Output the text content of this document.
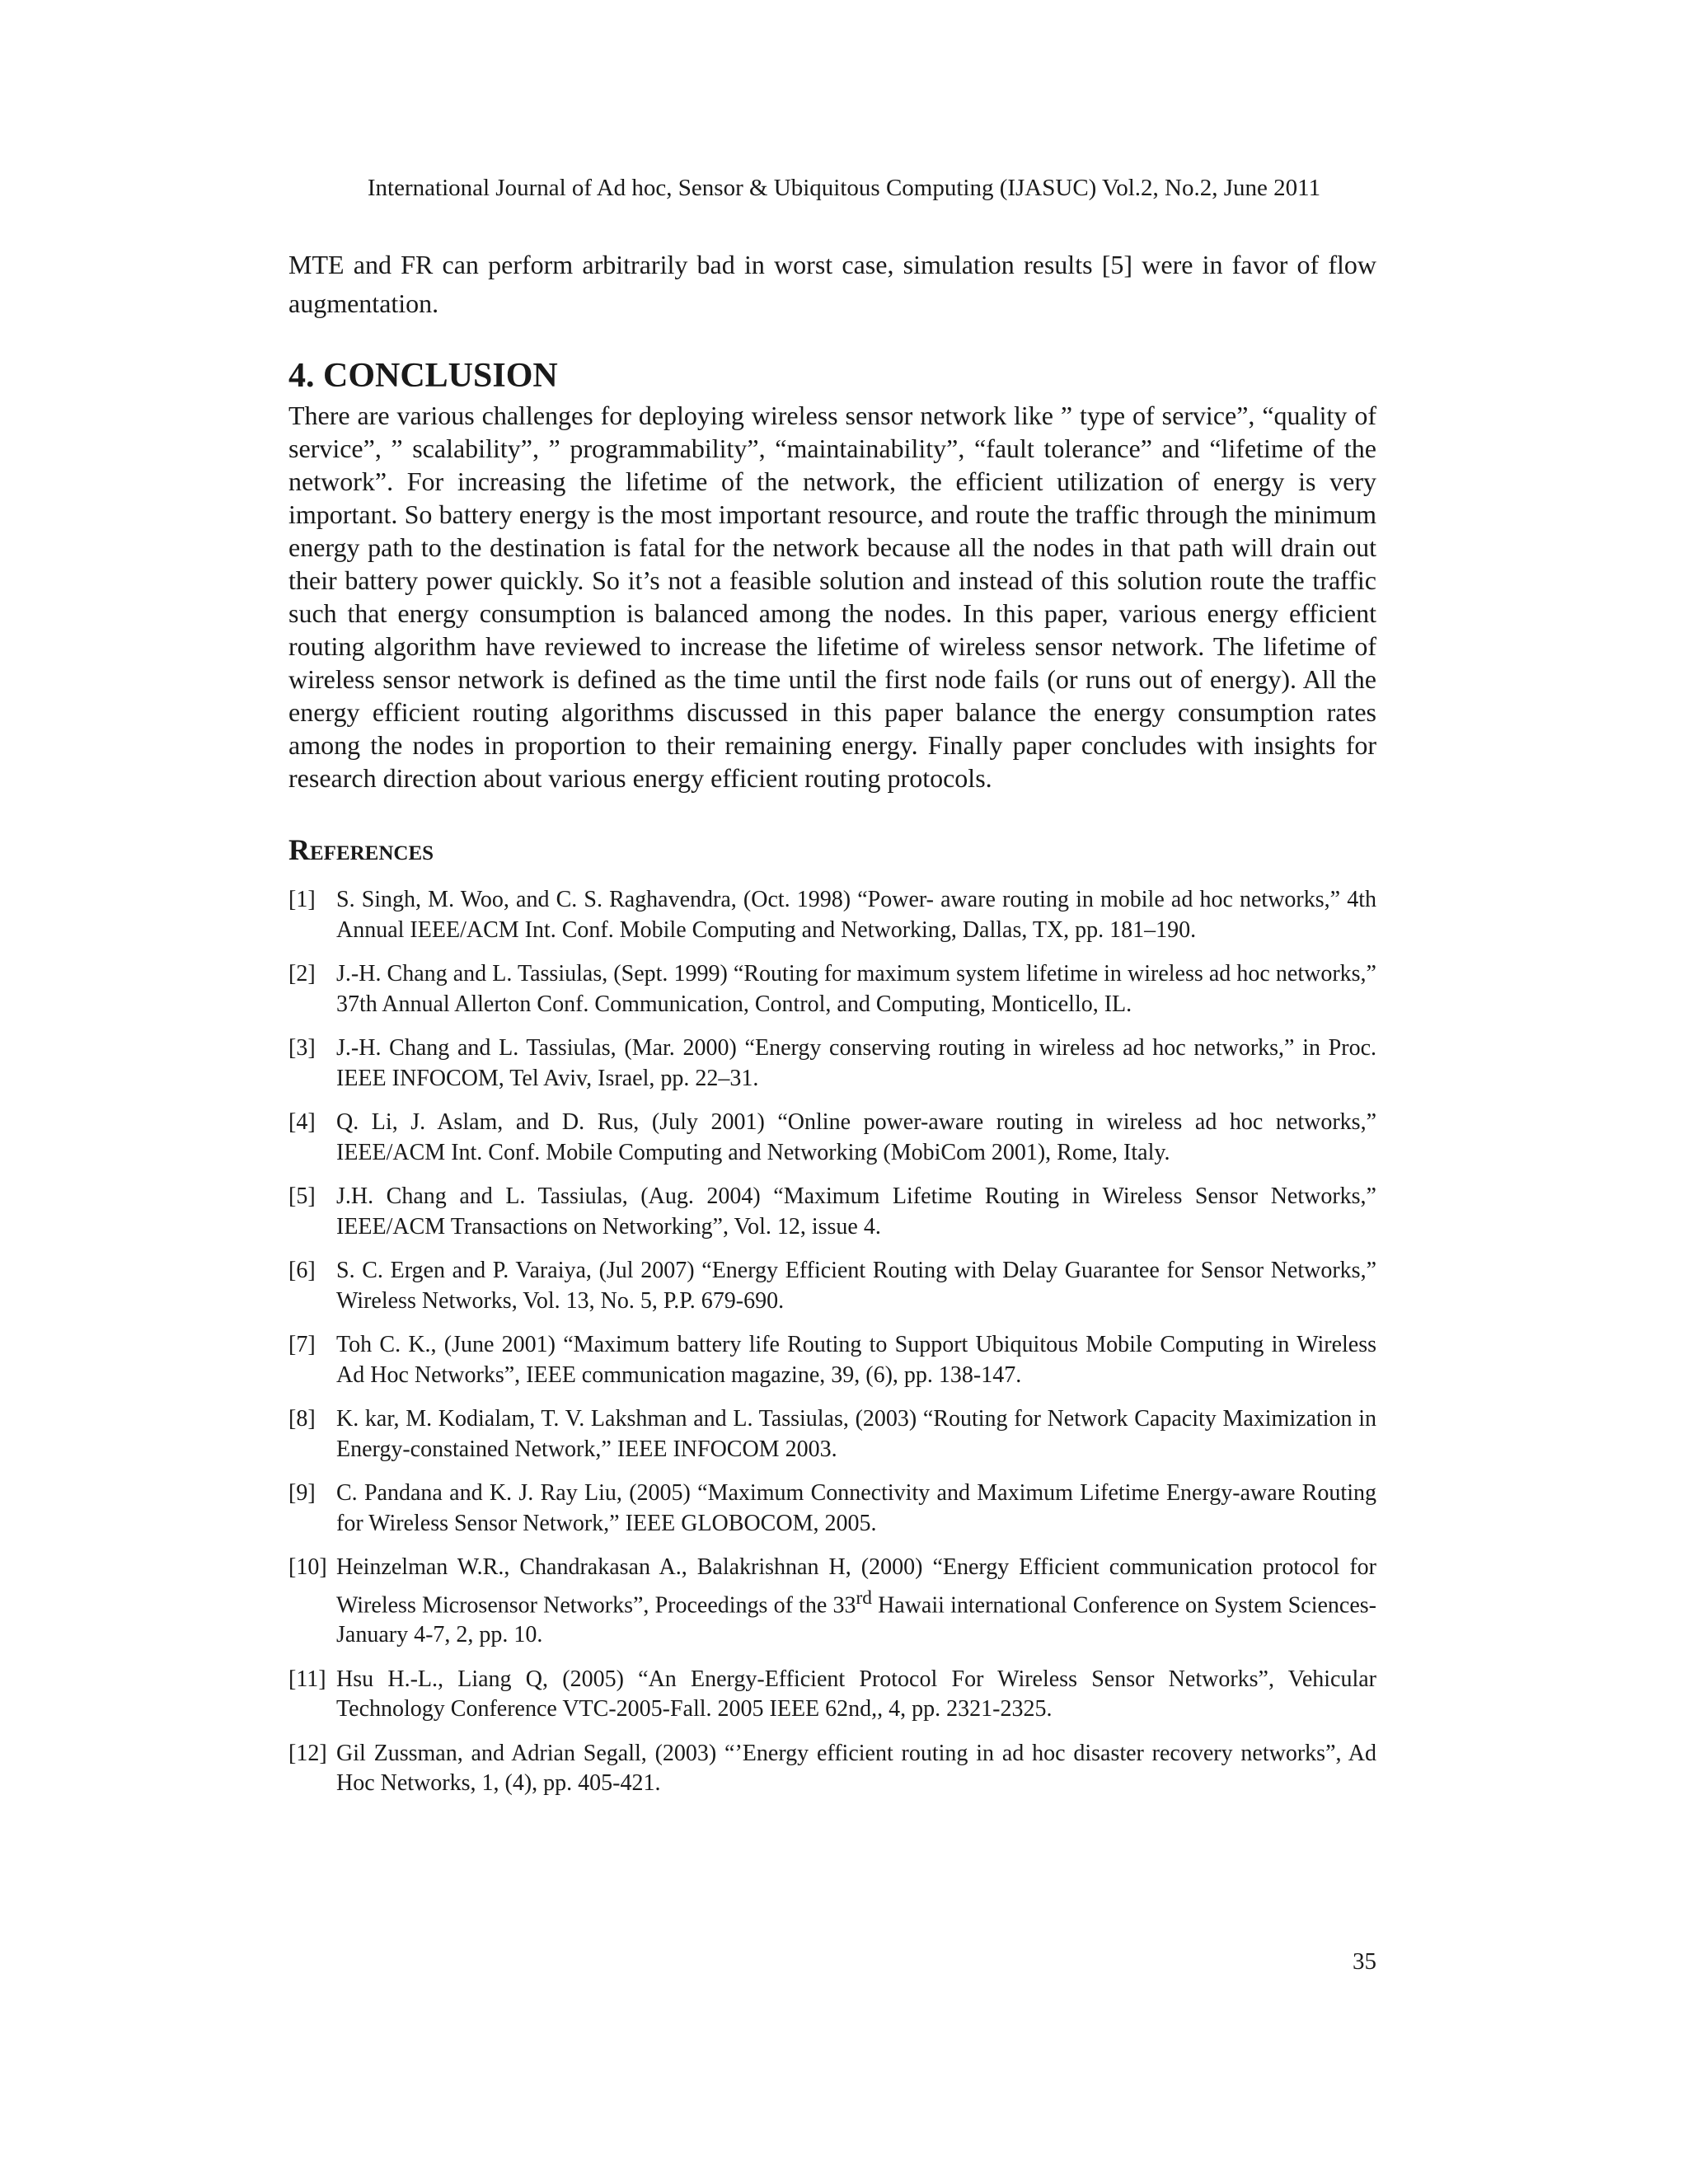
International Journal of Ad hoc, Sensor & Ubiquitous Computing (IJASUC) Vol.2, No.2, June 2011

MTE and FR can perform arbitrarily bad in worst case, simulation results [5] were in favor of flow augmentation.

4. CONCLUSION

There are various challenges for deploying wireless sensor network like ” type of service”, “quality of service”, ” scalability”, ” programmability”, “maintainability”, “fault tolerance” and “lifetime of the network”. For increasing the lifetime of the network, the efficient utilization of energy is very important. So battery energy is the most important resource, and route the traffic through the minimum energy path to the destination is fatal for the network because all the nodes in that path will drain out their battery power quickly. So it’s not a feasible solution and instead of this solution route the traffic such that energy consumption is balanced among the nodes. In this paper, various energy efficient routing algorithm have reviewed to increase the lifetime of wireless sensor network. The lifetime of wireless sensor network is defined as the time until the first node fails (or runs out of energy). All the energy efficient routing algorithms discussed in this paper balance the energy consumption rates among the nodes in proportion to their remaining energy. Finally paper concludes with insights for research direction about various energy efficient routing protocols.

References
[1] S. Singh, M. Woo, and C. S. Raghavendra, (Oct. 1998) “Power- aware routing in mobile ad hoc networks,” 4th Annual IEEE/ACM Int. Conf. Mobile Computing and Networking, Dallas, TX, pp. 181–190.
[2] J.-H. Chang and L. Tassiulas, (Sept. 1999) “Routing for maximum system lifetime in wireless ad hoc networks,” 37th Annual Allerton Conf. Communication, Control, and Computing, Monticello, IL.
[3] J.-H. Chang and L. Tassiulas, (Mar. 2000) “Energy conserving routing in wireless ad hoc networks,” in Proc. IEEE INFOCOM, Tel Aviv, Israel, pp. 22–31.
[4] Q. Li, J. Aslam, and D. Rus, (July 2001) “Online power-aware routing in wireless ad hoc networks,” IEEE/ACM Int. Conf. Mobile Computing and Networking (MobiCom 2001), Rome, Italy.
[5] J.H. Chang and L. Tassiulas, (Aug. 2004) “Maximum Lifetime Routing in Wireless Sensor Networks,” IEEE/ACM Transactions on Networking”, Vol. 12, issue 4.
[6] S. C. Ergen and P. Varaiya, (Jul 2007) “Energy Efficient Routing with Delay Guarantee for Sensor Networks,” Wireless Networks, Vol. 13, No. 5, P.P. 679-690.
[7] Toh C. K., (June 2001) “Maximum battery life Routing to Support Ubiquitous Mobile Computing in Wireless Ad Hoc Networks”, IEEE communication magazine, 39, (6), pp. 138-147.
[8] K. kar, M. Kodialam, T. V. Lakshman and L. Tassiulas, (2003) “Routing for Network Capacity Maximization in Energy-constained Network,” IEEE INFOCOM 2003.
[9] C. Pandana and K. J. Ray Liu, (2005) “Maximum Connectivity and Maximum Lifetime Energy-aware Routing for Wireless Sensor Network,” IEEE GLOBOCOM, 2005.
[10] Heinzelman W.R., Chandrakasan A., Balakrishnan H, (2000) “Energy Efficient communication protocol for Wireless Microsensor Networks”, Proceedings of the 33rd Hawaii international Conference on System Sciences-January 4-7, 2, pp. 10.
[11] Hsu H.-L., Liang Q, (2005) “An Energy-Efficient Protocol For Wireless Sensor Networks”, Vehicular Technology Conference VTC-2005-Fall. 2005 IEEE 62nd,, 4, pp. 2321-2325.
[12] Gil Zussman, and Adrian Segall, (2003) “’Energy efficient routing in ad hoc disaster recovery networks”, Ad Hoc Networks, 1, (4), pp. 405-421.
35
